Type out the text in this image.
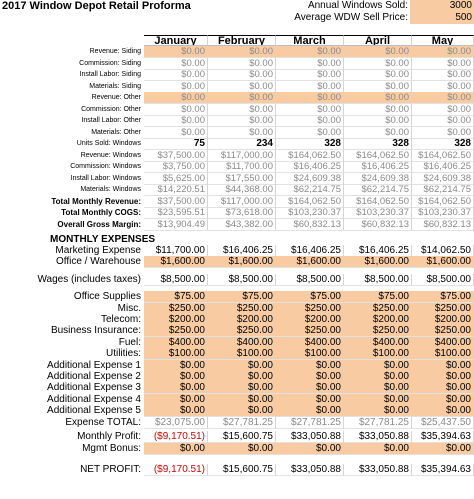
2017 Window Depot Retail Proforma	Annual Windows Sold:	3000
Average WDW Sell Price:	500
January	February	March	April	May
Revenue: Siding	$0.00	$0.00	$0.00	$0.00	$0.00
Commission: Siding	$0.00	$0.00	$0.00	$0.00	$0.00
Install Labor: Siding	$0.00	$0.00	$0.00	$0.00	$0.00
Materials: Siding	$0.00	$0.00	$0.00	$0.00	$0.00
Revenue: Other	$0.00	$0.00	$0.00	$0.00	$0.00
Commission: Other	$0.00	$0.00	$0.00	$0.00	$0.00
Install Labor: Other	$0.00	$0.00	$0.00	$0.00	$0.00
Materials: Other	$0.00	$0.00	$0.00	$0.00	$0.00
Units Sold: Windows	75	234	328	328	328
Revenue: Windows	$37,500.00	$117,000.00	$164,062.50	$164,062.50 $164,062.50
Commission: Windows	$3,750.00	$11,700.00	$16,406.25	$16,406.25	$16,406.25
Install Labor: Windows	$5,625.00	$17,550.00	$24,609.38	$24,609.38	$24,609.38
Materials: Windows	$14,220.51	$44,368.00	$62,214.75	$62,214.75	$62,214.75
Total Monthly Revenue:	$37,500.00	$117,000.00	$164,062.50	$164,062.50 $164,062.50
Total Monthly COGS:	$23,595.51	$73,618.00	$103,230.37	$103,230.37 $103,230.37
Overall Gross Margin:	$13,904.49	$43,382.00	$60,832.13	$60,832.13	$60,832.13
Marketing Expense	$11,700.00	$16,406.25	$16,406.25	$16,406.25	$14,062.50
Office / Warehouse	$1,600.00	$1,600.00	$1,600.00	$1,600.00	$1,600.00
Wages (includes taxes)	$8,500.00	$8,500.00	$8,500.00	$8,500.00	$8,500.00
Office Supplies	$75.00	$75.00	$75.00	$75.00	$75.00
Misc.	$250.00	$250.00	$250.00	$250.00	$250.00
Telecom:	$200.00	$200.00	$200.00	$200.00	$200.00
Business Insurance:	$250.00	$250.00	$250.00	$250.00	$250.00
Fuel:	$400.00	$400.00	$400.00	$400.00	$400.00
Utilities:	$100.00	$100.00	$100.00	$100.00	$100.00
Additional Expense 1	$0.00	$0.00	$0.00	$0.00	$0.00
Additional Expense 2	$0.00	$0.00	$0.00	$0.00	$0.00
Additional Expense 3	$0.00	$0.00	$0.00	$0.00	$0.00
Additional Expense 4	$0.00	$0.00	$0.00	$0.00	$0.00
Additional Expense 5	$0.00	$0.00	$0.00	$0.00	$0.00
Expense TOTAL:	$23,075.00	$27,781.25	$27,781.25	$27,781.25	$25,437.50
Monthly Profit:	($9,170.51)	$15,600.75	$33,050.88	$33,050.88	$35,394.63
Mgmt Bonus:	$0.00	$0.00	$0.00	$0.00	$0.00
NET PROFIT:	($9,170.51)	$15,600.75	$33,050.88	$33,050.88	$35,394.63
MONTHLY EXPENSES
